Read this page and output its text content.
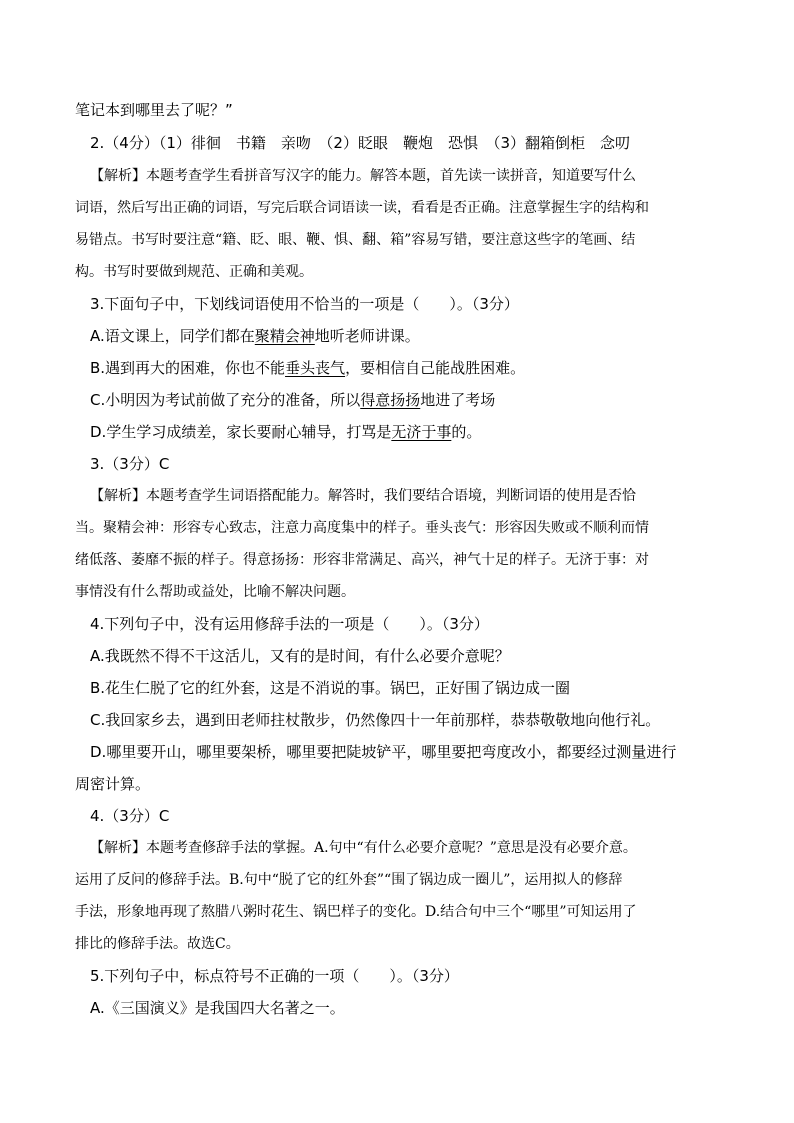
笔记本到哪里去了呢？”
2.（4分）（1）徘徊　书籍　亲吻　（2）眨眼　鞭炮　恐惧　（3）翻箱倒柜　念叨
【解析】本题考查学生看拼音写汉字的能力。解答本题，首先读一读拼音，知道要写什么
词语，然后写出正确的词语，写完后联合词语读一读，看看是否正确。注意掌握生字的结构和
易错点。书写时要注意“籍、眨、眼、鞭、惧、翻、箱”容易写错，要注意这些字的笔画、结
构。书写时要做到规范、正确和美观。
3.下面句子中，下划线词语使用不恰当的一项是（　　）。（3分）
A.语文课上，同学们都在聚精会神地听老师讲课。
B.遇到再大的困难，你也不能垂头丧气，要相信自己能战胜困难。
C.小明因为考试前做了充分的准备，所以得意扬扬地进了考场
D.学生学习成绩差，家长要耐心辅导，打骂是无济于事的。
3.（3分）C
【解析】本题考查学生词语搭配能力。解答时，我们要结合语境，判断词语的使用是否恰
当。聚精会神：形容专心致志，注意力高度集中的样子。垂头丧气：形容因失败或不顺利而情
绪低落、萎靡不振的样子。得意扬扬：形容非常满足、高兴，神气十足的样子。无济于事：对
事情没有什么帮助或益处，比喻不解决问题。
4.下列句子中，没有运用修辞手法的一项是（　　）。（3分）
A.我既然不得不干这活儿，又有的是时间，有什么必要介意呢？
B.花生仁脱了它的红外套，这是不消说的事。锅巴，正好围了锅边成一圈
C.我回家乡去，遇到田老师拄杖散步，仍然像四十一年前那样，恭恭敬敬地向他行礼。
D.哪里要开山，哪里要架桥，哪里要把陡坡铲平，哪里要把弯度改小，都要经过测量进行
周密计算。
4.（3分）C
【解析】本题考查修辞手法的掌握。A.句中“有什么必要介意呢？”意思是没有必要介意。
运用了反问的修辞手法。B.句中“脱了它的红外套”“围了锅边成一圈儿”，运用拟人的修辞
手法，形象地再现了熬腊八粥时花生、锅巴样子的变化。D.结合句中三个“哪里”可知运用了
排比的修辞手法。故选C。
5.下列句子中，标点符号不正确的一项（　　）。（3分）
A.《三国演义》是我国四大名著之一。
